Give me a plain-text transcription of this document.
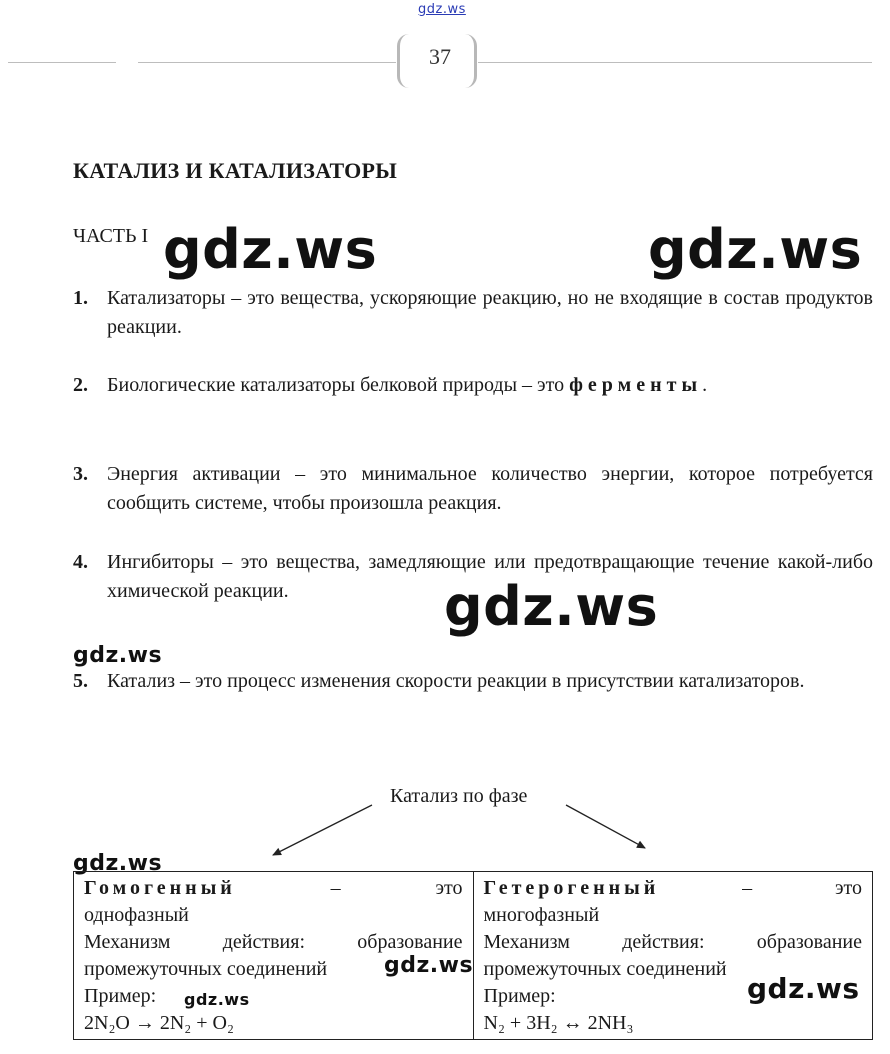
gdz.ws
37
КАТАЛИЗ И КАТАЛИЗАТОРЫ
ЧАСТЬ I gdz.ws	gdz.ws
gdz.ws
gdz.ws
gdz.ws
1. Катализаторы – это вещества, ускоряющие реакцию, но не входящие в состав продуктов реакции.
2. Биологические катализаторы белковой природы – это ферменты.
3. Энергия активации – это минимальное количество энергии, которое потребуется сообщить системе, чтобы произошла реакция.
4. Ингибиторы – это вещества, замедляющие или предотвращающие течение какой-либо химической реакции.
5. Катализ – это процесс изменения скорости реакции в присутствии катализаторов.
Катализ по фазе
Гомогенный	– это
однофазный
Механизм действия: образование
промежуточных соединений
Пример:
2N₂O → 2N₂ + O₂

Гетерогенный	– это
многофазный
Механизм действия: образование
промежуточных соединений
Пример:
N₂ + 3H₂ ↔ 2NH₃
gdz.ws
gdz.ws	gdz.ws
